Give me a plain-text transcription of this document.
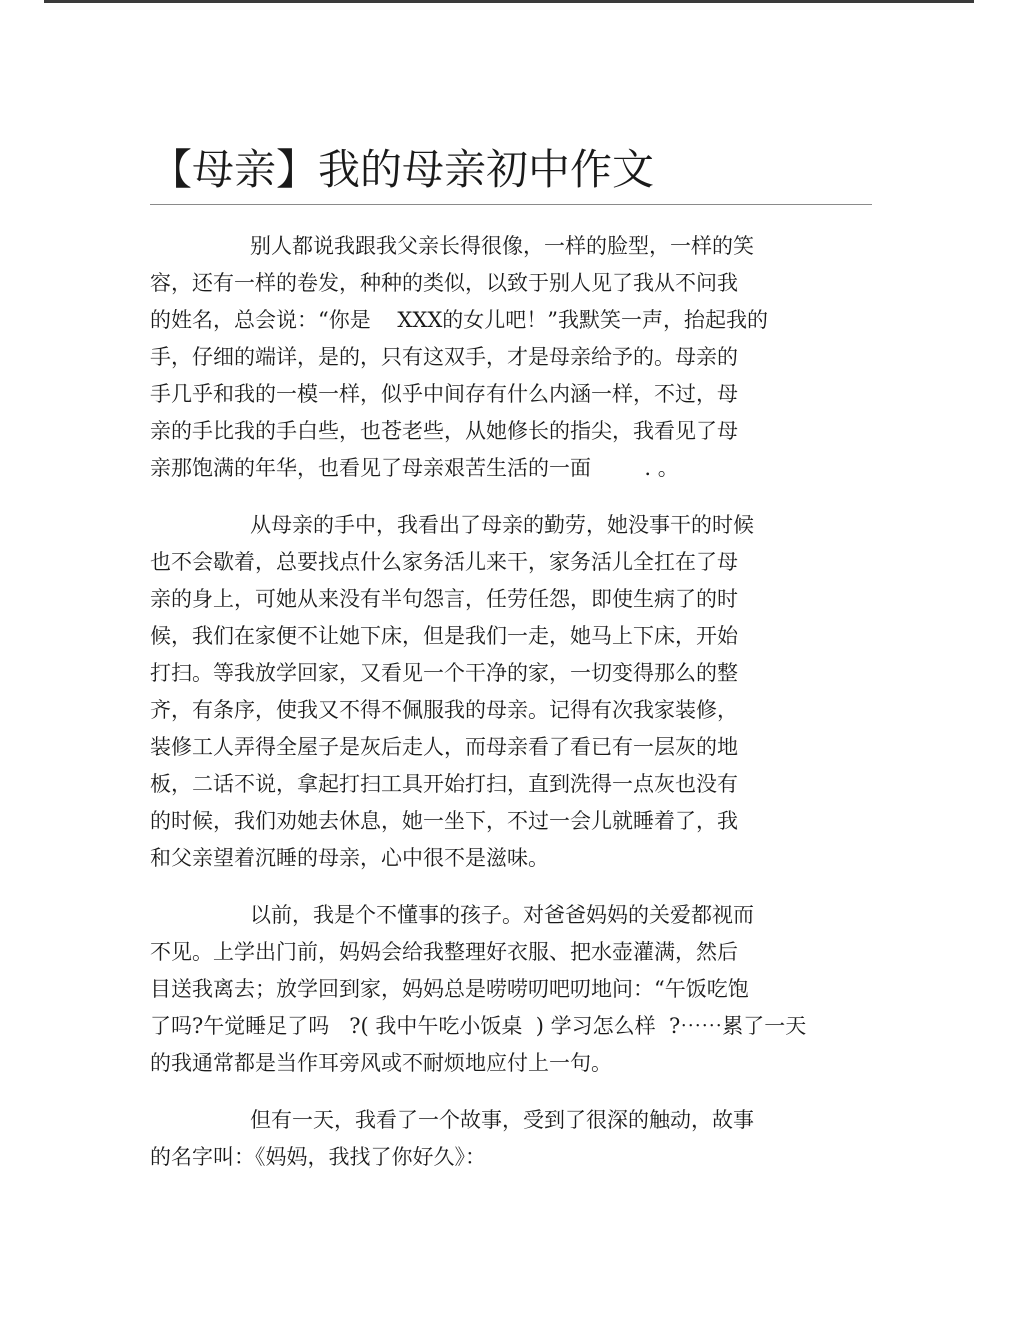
【母亲】我的母亲初中作文

别人都说我跟我父亲长得很像，一样的脸型，一样的笑
容，还有一样的卷发，种种的类似，以致于别人见了我从不问我
的姓名，总会说：“你是    XXX的女儿吧！”我默笑一声，抬起我的
手，仔细的端详，是的，只有这双手，才是母亲给予的。母亲的
手几乎和我的一模一样，似乎中间存有什么内涵一样，不过，母
亲的手比我的手白些，也苍老些，从她修长的指尖，我看见了母
亲那饱满的年华，也看见了母亲艰苦生活的一面        . 。

从母亲的手中，我看出了母亲的勤劳，她没事干的时候
也不会歇着，总要找点什么家务活儿来干，家务活儿全扛在了母
亲的身上，可她从来没有半句怨言，任劳任怨，即使生病了的时
候，我们在家便不让她下床，但是我们一走，她马上下床，开始
打扫。等我放学回家，又看见一个干净的家，一切变得那么的整
齐，有条序，使我又不得不佩服我的母亲。记得有次我家装修，
装修工人弄得全屋子是灰后走人，而母亲看了看已有一层灰的地
板，二话不说，拿起打扫工具开始打扫，直到洗得一点灰也没有
的时候，我们劝她去休息，她一坐下，不过一会儿就睡着了，我
和父亲望着沉睡的母亲，心中很不是滋味。

以前，我是个不懂事的孩子。对爸爸妈妈的关爱都视而
不见。上学出门前，妈妈会给我整理好衣服、把水壶灌满，然后
目送我离去；放学回到家，妈妈总是唠唠叨吧叨地问：“午饭吃饱
了吗?午觉睡足了吗   ?( 我中午吃小饭桌  ) 学习怎么样  ?⋯⋯累了一天
的我通常都是当作耳旁风或不耐烦地应付上一句。

但有一天，我看了一个故事，受到了很深的触动，故事
的名字叫：《妈妈，我找了你好久》：
